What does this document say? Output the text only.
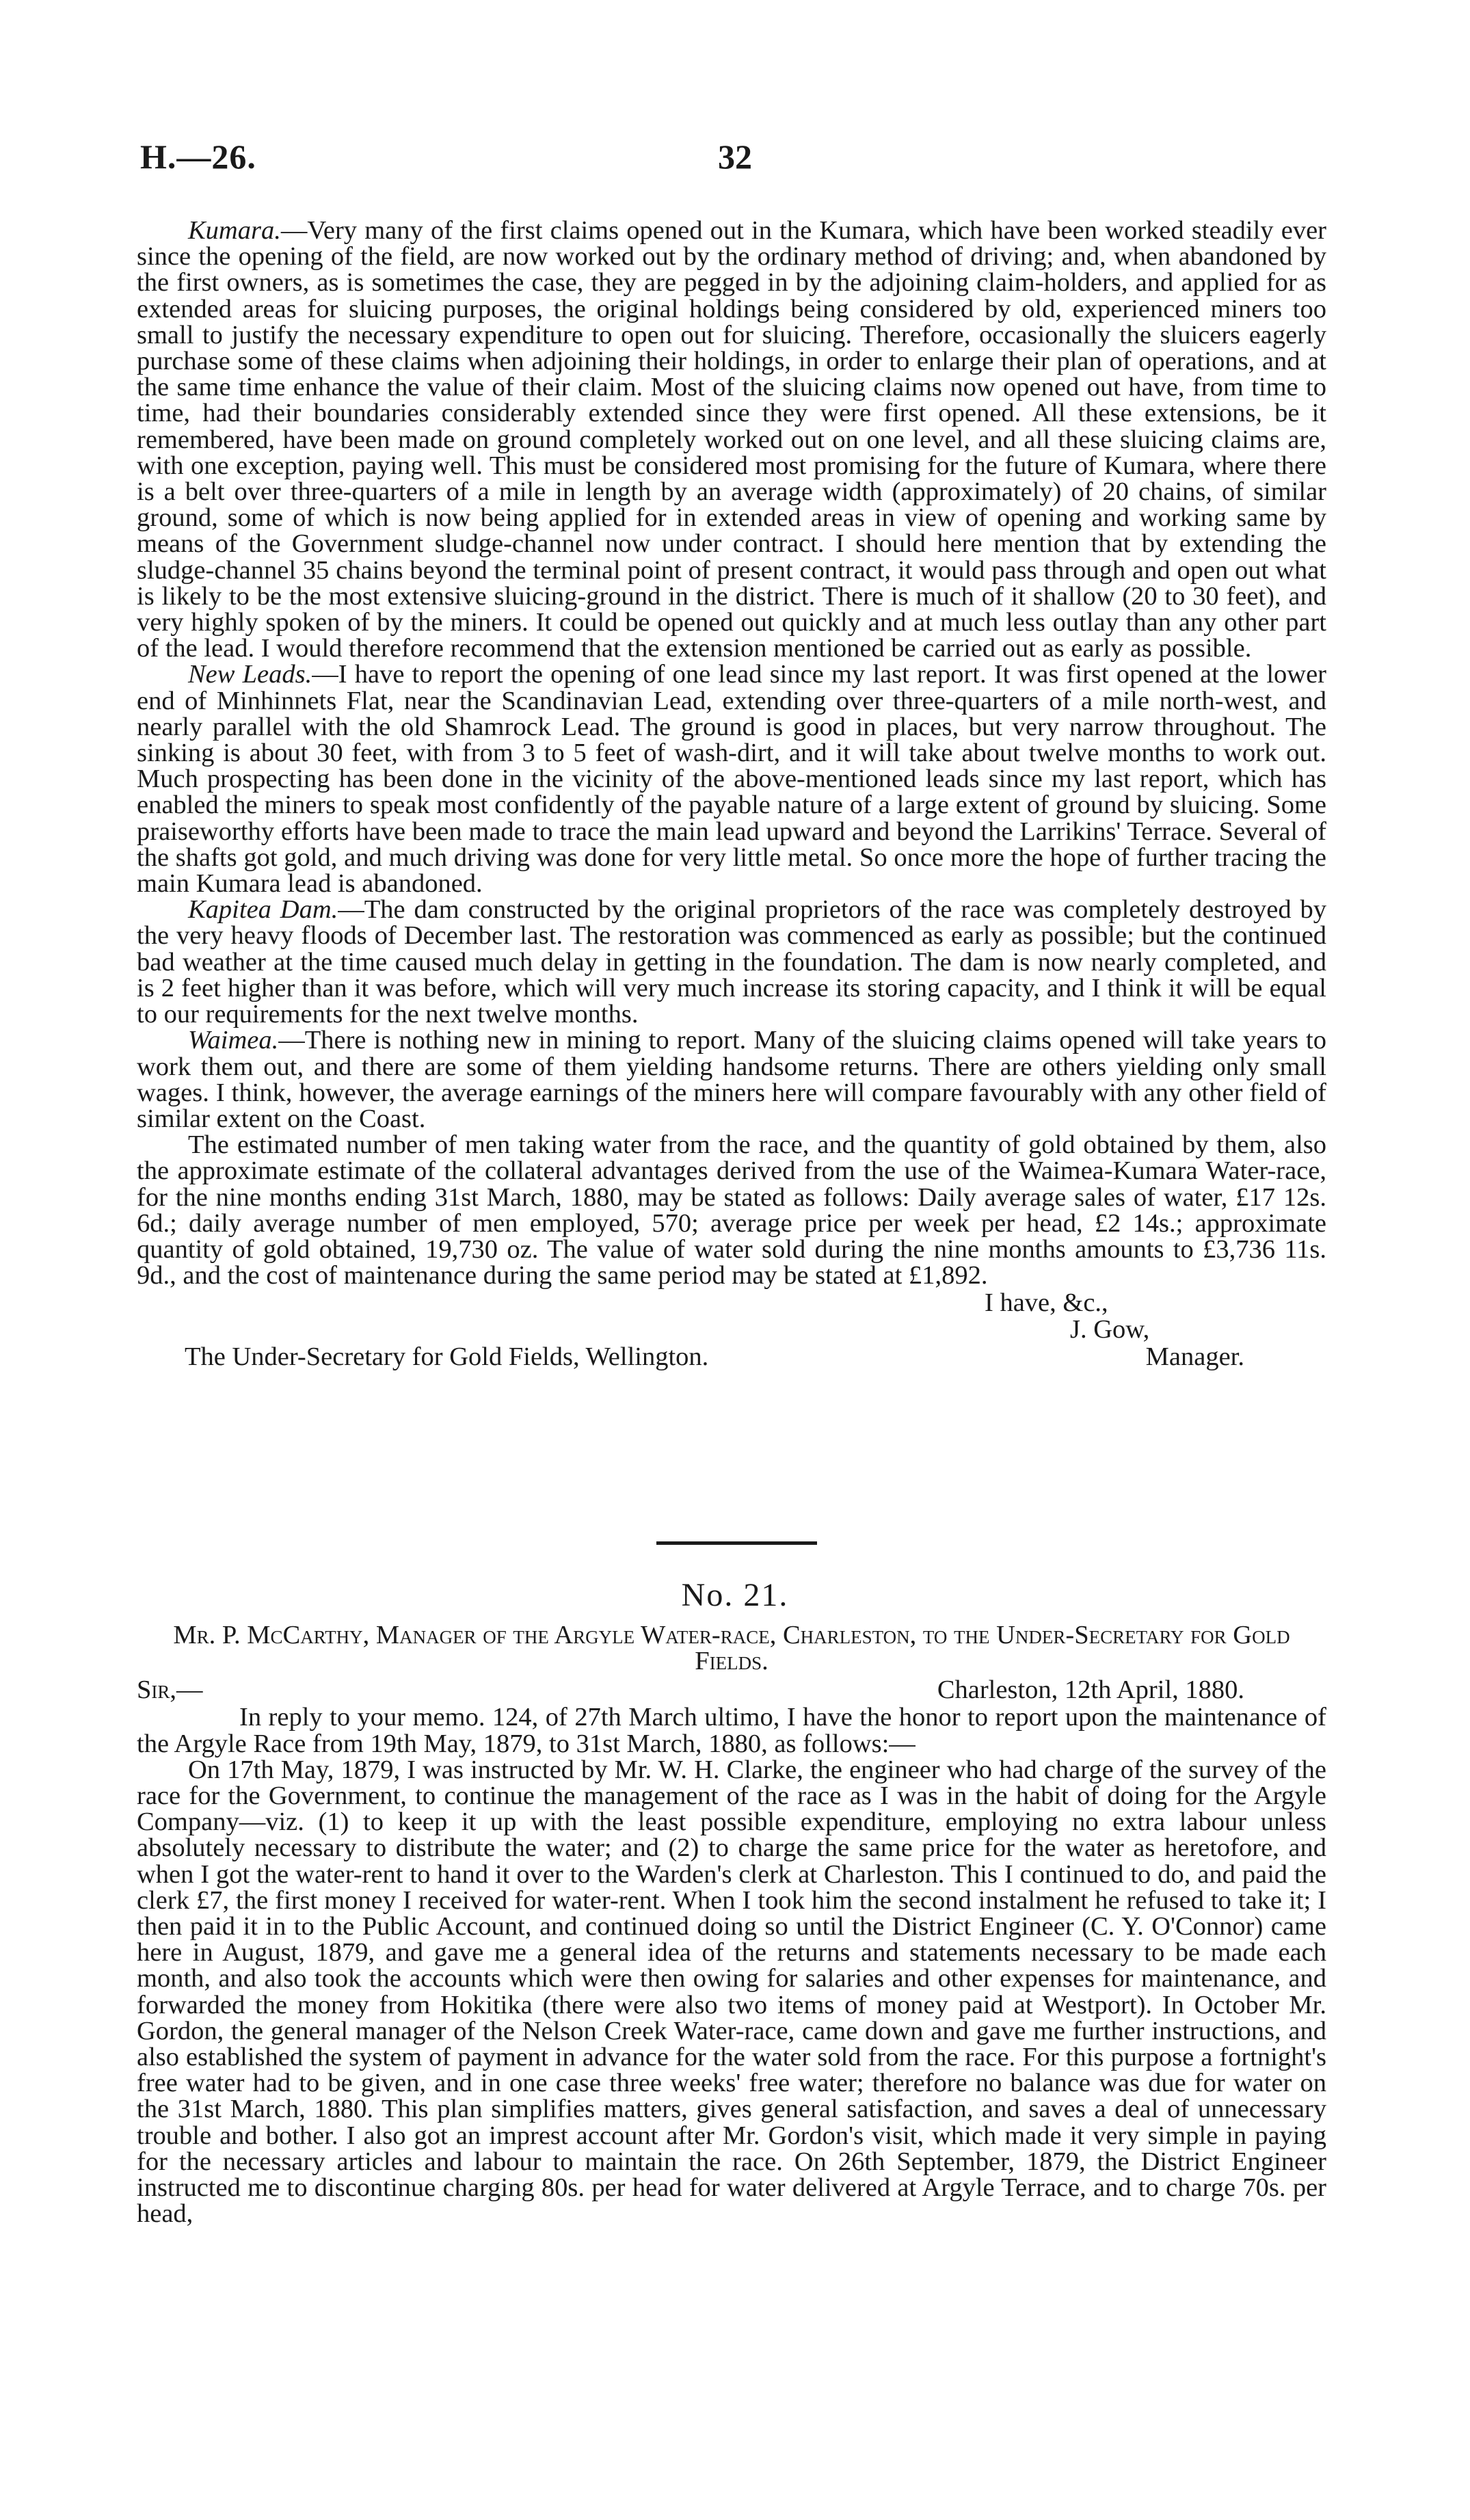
H.—26.	32

Kumara.—Very many of the first claims opened out in the Kumara, which have been worked steadily ever since the opening of the field, are now worked out by the ordinary method of driving; and, when abandoned by the first owners, as is sometimes the case, they are pegged in by the adjoining claim-holders, and applied for as extended areas for sluicing purposes, the original holdings being considered by old, experienced miners too small to justify the necessary expenditure to open out for sluicing. Therefore, occasionally the sluicers eagerly purchase some of these claims when adjoining their holdings, in order to enlarge their plan of operations, and at the same time enhance the value of their claim. Most of the sluicing claims now opened out have, from time to time, had their boundaries considerably extended since they were first opened. All these extensions, be it remembered, have been made on ground completely worked out on one level, and all these sluicing claims are, with one exception, paying well. This must be considered most promising for the future of Kumara, where there is a belt over three-quarters of a mile in length by an average width (approximately) of 20 chains, of similar ground, some of which is now being applied for in extended areas in view of opening and working same by means of the Government sludge-channel now under contract. I should here mention that by extending the sludge-channel 35 chains beyond the terminal point of present contract, it would pass through and open out what is likely to be the most extensive sluicing-ground in the district. There is much of it shallow (20 to 30 feet), and very highly spoken of by the miners. It could be opened out quickly and at much less outlay than any other part of the lead. I would therefore recommend that the extension mentioned be carried out as early as possible.

New Leads.—I have to report the opening of one lead since my last report. It was first opened at the lower end of Minhinnets Flat, near the Scandinavian Lead, extending over three-quarters of a mile north-west, and nearly parallel with the old Shamrock Lead. The ground is good in places, but very narrow throughout. The sinking is about 30 feet, with from 3 to 5 feet of wash-dirt, and it will take about twelve months to work out. Much prospecting has been done in the vicinity of the above-mentioned leads since my last report, which has enabled the miners to speak most confidently of the payable nature of a large extent of ground by sluicing. Some praiseworthy efforts have been made to trace the main lead upward and beyond the Larrikins' Terrace. Several of the shafts got gold, and much driving was done for very little metal. So once more the hope of further tracing the main Kumara lead is abandoned.

Kapitea Dam.—The dam constructed by the original proprietors of the race was completely destroyed by the very heavy floods of December last. The restoration was commenced as early as possible; but the continued bad weather at the time caused much delay in getting in the foundation. The dam is now nearly completed, and is 2 feet higher than it was before, which will very much increase its storing capacity, and I think it will be equal to our requirements for the next twelve months.

Waimea.—There is nothing new in mining to report. Many of the sluicing claims opened will take years to work them out, and there are some of them yielding handsome returns. There are others yielding only small wages. I think, however, the average earnings of the miners here will compare favourably with any other field of similar extent on the Coast.

The estimated number of men taking water from the race, and the quantity of gold obtained by them, also the approximate estimate of the collateral advantages derived from the use of the Waimea-Kumara Water-race, for the nine months ending 31st March, 1880, may be stated as follows: Daily average sales of water, £17 12s. 6d.; daily average number of men employed, 570; average price per week per head, £2 14s.; approximate quantity of gold obtained, 19,730 oz. The value of water sold during the nine months amounts to £3,736 11s. 9d., and the cost of maintenance during the same period may be stated at £1,892.

I have, &c.,
J. Gow,
The Under-Secretary for Gold Fields, Wellington.	Manager.
No. 21.

Mr. P. McCarthy, Manager of the Argyle Water-race, Charleston, to the Under-Secretary for Gold Fields.

Sir,—	Charleston, 12th April, 1880.

In reply to your memo. 124, of 27th March ultimo, I have the honor to report upon the maintenance of the Argyle Race from 19th May, 1879, to 31st March, 1880, as follows:—

On 17th May, 1879, I was instructed by Mr. W. H. Clarke, the engineer who had charge of the survey of the race for the Government, to continue the management of the race as I was in the habit of doing for the Argyle Company—viz. (1) to keep it up with the least possible expenditure, employing no extra labour unless absolutely necessary to distribute the water; and (2) to charge the same price for the water as heretofore, and when I got the water-rent to hand it over to the Warden's clerk at Charleston. This I continued to do, and paid the clerk £7, the first money I received for water-rent. When I took him the second instalment he refused to take it; I then paid it in to the Public Account, and continued doing so until the District Engineer (C. Y. O'Connor) came here in August, 1879, and gave me a general idea of the returns and statements necessary to be made each month, and also took the accounts which were then owing for salaries and other expenses for maintenance, and forwarded the money from Hokitika (there were also two items of money paid at Westport). In October Mr. Gordon, the general manager of the Nelson Creek Water-race, came down and gave me further instructions, and also established the system of payment in advance for the water sold from the race. For this purpose a fortnight's free water had to be given, and in one case three weeks' free water; therefore no balance was due for water on the 31st March, 1880. This plan simplifies matters, gives general satisfaction, and saves a deal of unnecessary trouble and bother. I also got an imprest account after Mr. Gordon's visit, which made it very simple in paying for the necessary articles and labour to maintain the race. On 26th September, 1879, the District Engineer instructed me to discontinue charging 80s. per head for water delivered at Argyle Terrace, and to charge 70s. per head,
